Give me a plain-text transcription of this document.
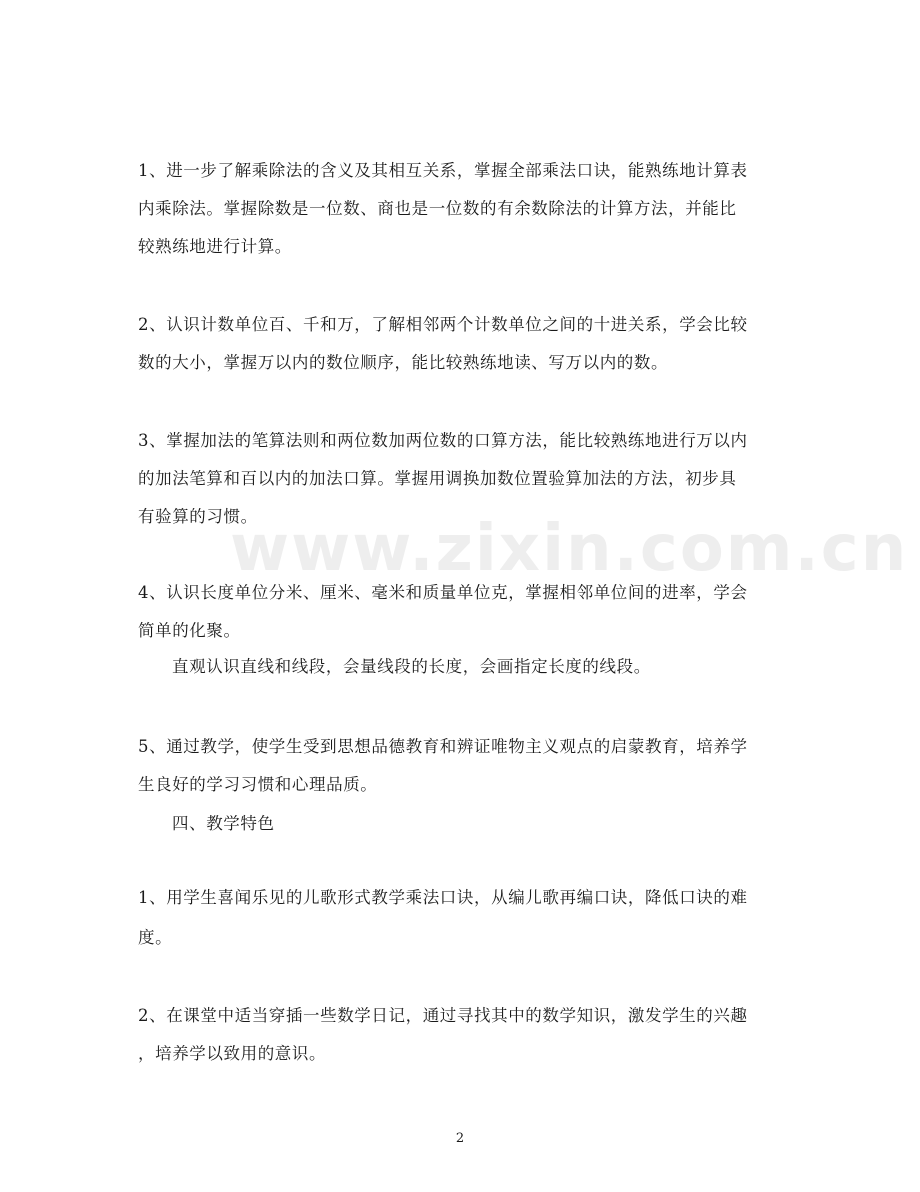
www.zixin.com.cn
1、进一步了解乘除法的含义及其相互关系，掌握全部乘法口诀，能熟练地计算表
内乘除法。掌握除数是一位数、商也是一位数的有余数除法的计算方法，并能比
较熟练地进行计算。
2、认识计数单位百、千和万，了解相邻两个计数单位之间的十进关系，学会比较
数的大小，掌握万以内的数位顺序，能比较熟练地读、写万以内的数。
3、掌握加法的笔算法则和两位数加两位数的口算方法，能比较熟练地进行万以内
的加法笔算和百以内的加法口算。掌握用调换加数位置验算加法的方法，初步具
有验算的习惯。
4、认识长度单位分米、厘米、毫米和质量单位克，掌握相邻单位间的进率，学会
简单的化聚。
直观认识直线和线段，会量线段的长度，会画指定长度的线段。
5、通过教学，使学生受到思想品德教育和辨证唯物主义观点的启蒙教育，培养学
生良好的学习习惯和心理品质。
四、教学特色
1、用学生喜闻乐见的儿歌形式教学乘法口诀，从编儿歌再编口诀，降低口诀的难
度。
2、在课堂中适当穿插一些数学日记，通过寻找其中的数学知识，激发学生的兴趣
，培养学以致用的意识。
2
